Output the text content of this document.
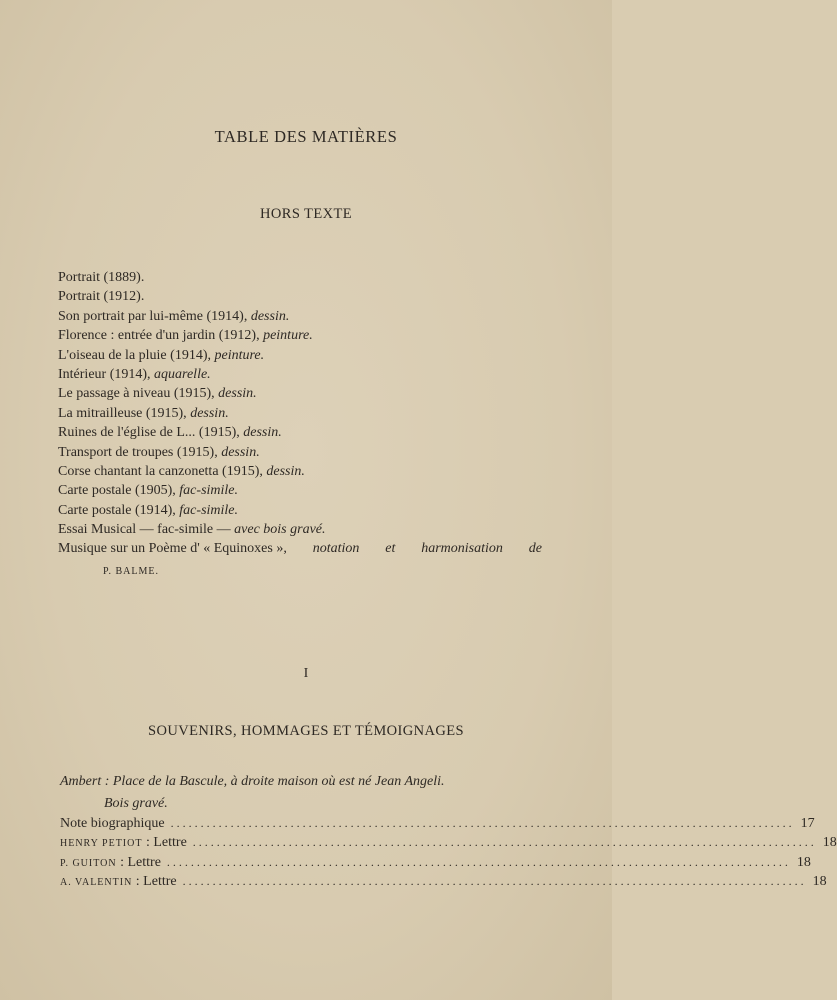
TABLE DES MATIÈRES
HORS TEXTE
Portrait (1889).
Portrait (1912).
Son portrait par lui-même (1914), dessin.
Florence : entrée d'un jardin (1912), peinture.
L'oiseau de la pluie (1914), peinture.
Intérieur (1914), aquarelle.
Le passage à niveau (1915), dessin.
La mitrailleuse (1915), dessin.
Ruines de l'église de L... (1915), dessin.
Transport de troupes (1915), dessin.
Corse chantant la canzonetta (1915), dessin.
Carte postale (1905), fac-simile.
Carte postale (1914), fac-simile.
Essai Musical — fac-simile — avec bois gravé.
Musique sur un Poème d' « Equinoxes », notation et harmonisation de
P. BALME.
I
SOUVENIRS, HOMMAGES ET TÉMOIGNAGES
Ambert : Place de la Bascule, à droite maison où est né Jean Angeli.
Bois gravé.
Note biographique ........................................................................................................ 17
HENRY PETIOT : Lettre ........................................................................................................ 18
P. GUITON : Lettre ........................................................................................................ 18
A. VALENTIN : Lettre ........................................................................................................ 18
